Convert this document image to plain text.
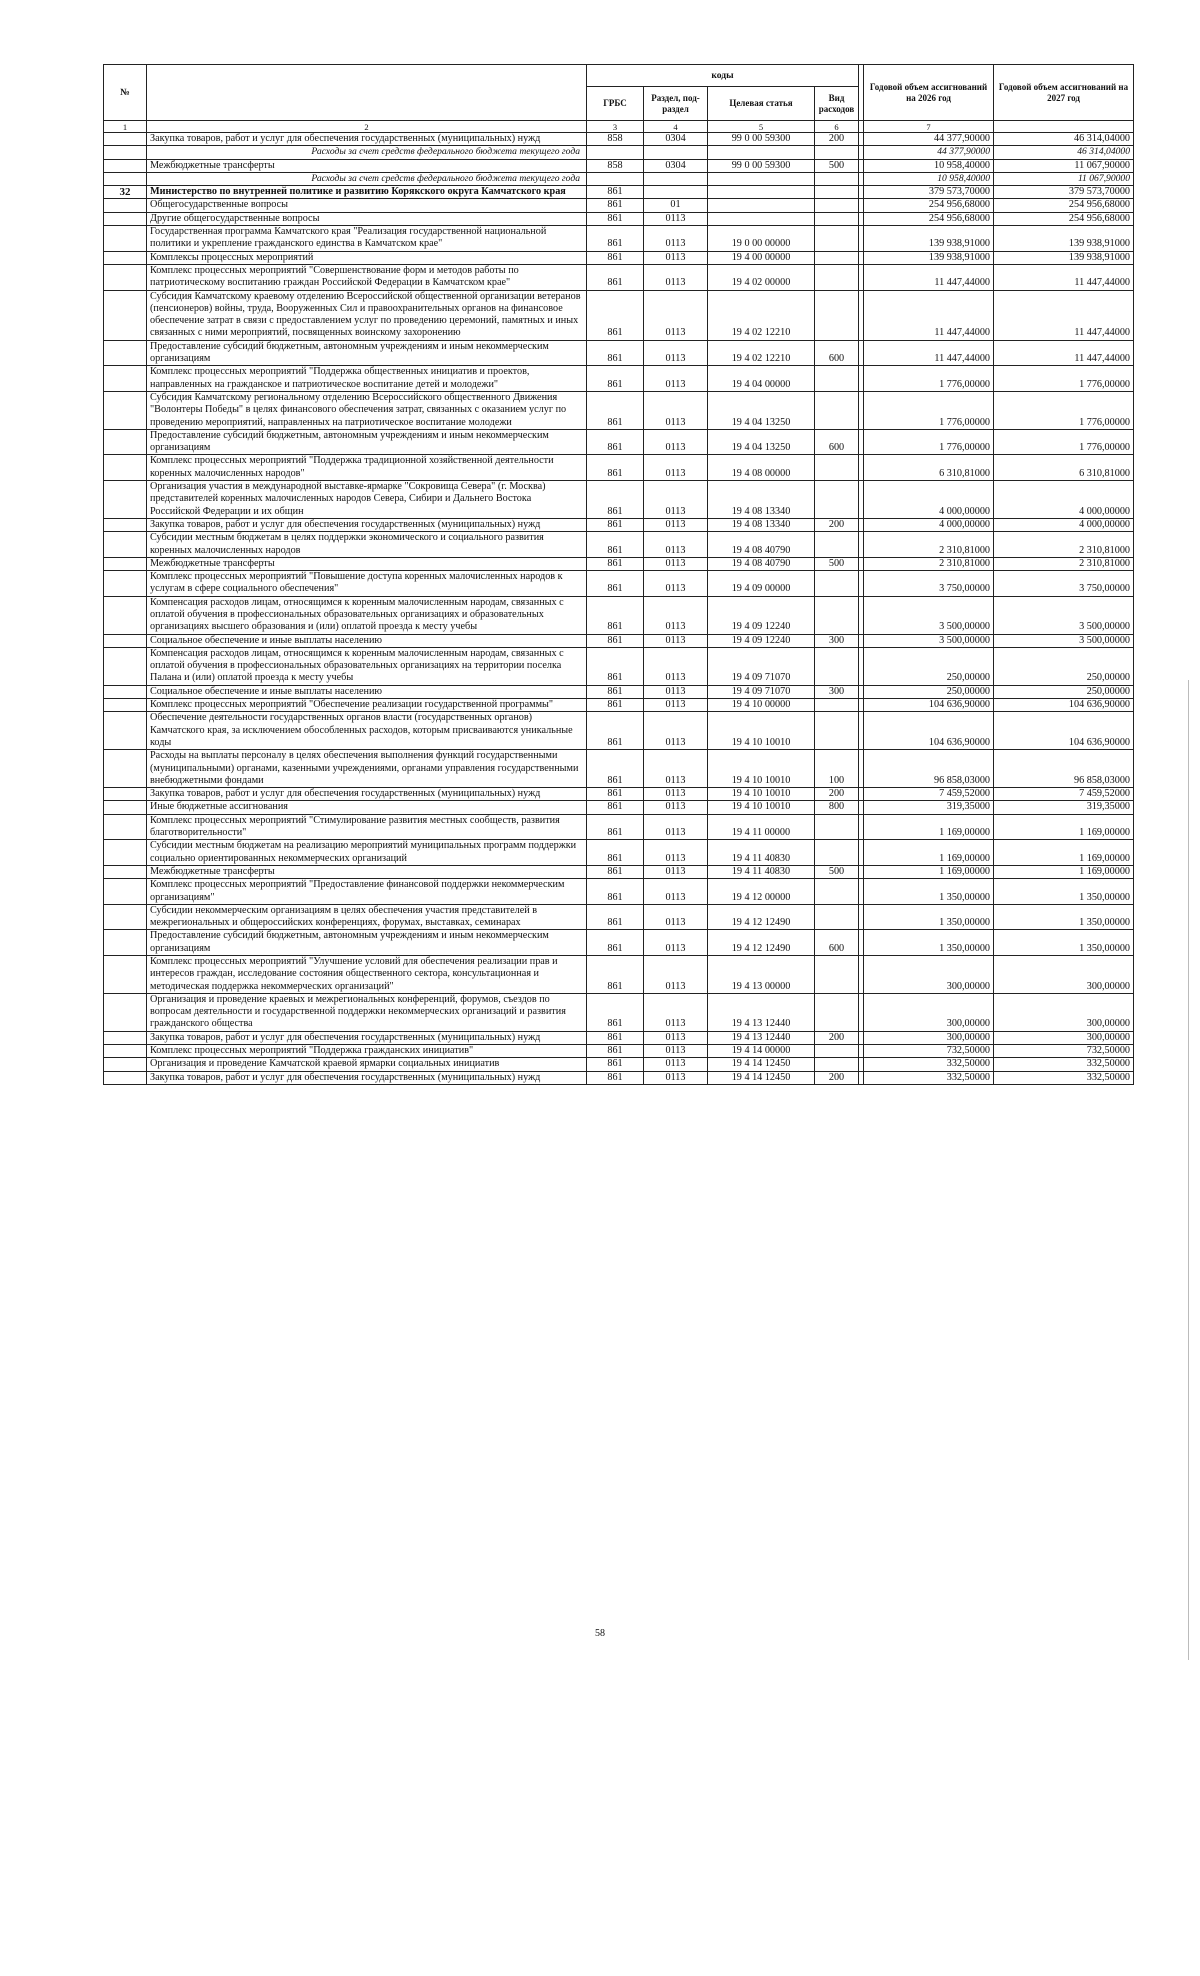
№		коды					Годовой объем ассигнований на 2026 год	Годовой объем ассигнований на 2027 год
		ГРБС	Раздел, под-раздел	Целевая статья	Вид расходов			
1	2	3	4	5	6		7	
	Закупка товаров, работ и услуг для обеспечения государственных (муниципальных) нужд	858	0304	99 0 00 59300	200		44 377,90000	46 314,04000
	Расходы за счет средств федерального бюджета текущего года						44 377,90000	46 314,04000
	Межбюджетные трансферты	858	0304	99 0 00 59300	500		10 958,40000	11 067,90000
	Расходы за счет средств федерального бюджета текущего года						10 958,40000	11 067,90000
32	Министерство по внутренней политике и развитию Корякского округа Камчатского края	861					379 573,70000	379 573,70000
	Общегосударственные вопросы	861	01				254 956,68000	254 956,68000
	Другие общегосударственные вопросы	861	0113				254 956,68000	254 956,68000
	Государственная программа Камчатского края "Реализация государственной национальной политики и укрепление гражданского единства в Камчатском крае"	861	0113	19 0 00 00000			139 938,91000	139 938,91000
	Комплексы процессных мероприятий	861	0113	19 4 00 00000			139 938,91000	139 938,91000
	Комплекс процессных мероприятий "Совершенствование форм и методов работы по патриотическому воспитанию граждан Российской Федерации в Камчатском крае"	861	0113	19 4 02 00000			11 447,44000	11 447,44000
	Субсидия Камчатскому краевому отделению Всероссийской общественной организации ветеранов (пенсионеров) войны, труда, Вооруженных Сил и правоохранительных органов на финансовое обеспечение затрат в связи с предоставлением услуг по проведению церемоний, памятных и иных связанных с ними мероприятий, посвященных воинскому захоронению	861	0113	19 4 02 12210			11 447,44000	11 447,44000
	Предоставление субсидий бюджетным, автономным учреждениям и иным некоммерческим организациям	861	0113	19 4 02 12210	600		11 447,44000	11 447,44000
	Комплекс процессных мероприятий "Поддержка общественных инициатив и проектов, направленных на гражданское и патриотическое воспитание детей и молодежи"	861	0113	19 4 04 00000			1 776,00000	1 776,00000
	Субсидия Камчатскому региональному отделению Всероссийского общественного Движения "Волонтеры Победы" в целях финансового обеспечения затрат, связанных с оказанием услуг по проведению мероприятий, направленных на патриотическое воспитание молодежи	861	0113	19 4 04 13250			1 776,00000	1 776,00000
	Предоставление субсидий бюджетным, автономным учреждениям и иным некоммерческим организациям	861	0113	19 4 04 13250	600		1 776,00000	1 776,00000
	Комплекс процессных мероприятий "Поддержка традиционной хозяйственной деятельности коренных малочисленных народов"	861	0113	19 4 08 00000			6 310,81000	6 310,81000
	Организация участия в международной выставке-ярмарке "Сокровища Севера" (г. Москва) представителей коренных малочисленных народов Севера, Сибири и Дальнего Востока Российской Федерации и их общин	861	0113	19 4 08 13340			4 000,00000	4 000,00000
	Закупка товаров, работ и услуг для обеспечения государственных (муниципальных) нужд	861	0113	19 4 08 13340	200		4 000,00000	4 000,00000
	Субсидии местным бюджетам в целях поддержки экономического и социального развития коренных малочисленных народов	861	0113	19 4 08 40790			2 310,81000	2 310,81000
	Межбюджетные трансферты	861	0113	19 4 08 40790	500		2 310,81000	2 310,81000
	Комплекс процессных мероприятий "Повышение доступа коренных малочисленных народов к услугам в сфере социального обеспечения"	861	0113	19 4 09 00000			3 750,00000	3 750,00000
	Компенсация расходов лицам, относящимся к коренным малочисленным народам, связанных с оплатой обучения в профессиональных образовательных организациях и образовательных организациях высшего образования и (или) оплатой проезда к месту учебы	861	0113	19 4 09 12240			3 500,00000	3 500,00000
	Социальное обеспечение и иные выплаты населению	861	0113	19 4 09 12240	300		3 500,00000	3 500,00000
	Компенсация расходов лицам, относящимся к коренным малочисленным народам, связанных с оплатой обучения в профессиональных образовательных организациях на территории поселка Палана и (или) оплатой проезда к месту учебы	861	0113	19 4 09 71070			250,00000	250,00000
	Социальное обеспечение и иные выплаты населению	861	0113	19 4 09 71070	300		250,00000	250,00000
	Комплекс процессных мероприятий "Обеспечение реализации государственной программы"	861	0113	19 4 10 00000			104 636,90000	104 636,90000
	Обеспечение деятельности государственных органов власти (государственных органов) Камчатского края, за исключением обособленных расходов, которым присваиваются уникальные коды	861	0113	19 4 10 10010			104 636,90000	104 636,90000
	Расходы на выплаты персоналу в целях обеспечения выполнения функций государственными (муниципальными) органами, казенными учреждениями, органами управления государственными внебюджетными фондами	861	0113	19 4 10 10010	100		96 858,03000	96 858,03000
	Закупка товаров, работ и услуг для обеспечения государственных (муниципальных) нужд	861	0113	19 4 10 10010	200		7 459,52000	7 459,52000
	Иные бюджетные ассигнования	861	0113	19 4 10 10010	800		319,35000	319,35000
	Комплекс процессных мероприятий "Стимулирование развития местных сообществ, развития благотворительности"	861	0113	19 4 11 00000			1 169,00000	1 169,00000
	Субсидии местным бюджетам на реализацию мероприятий муниципальных программ поддержки социально ориентированных некоммерческих организаций	861	0113	19 4 11 40830			1 169,00000	1 169,00000
	Межбюджетные трансферты	861	0113	19 4 11 40830	500		1 169,00000	1 169,00000
	Комплекс процессных мероприятий "Предоставление финансовой поддержки некоммерческим организациям"	861	0113	19 4 12 00000			1 350,00000	1 350,00000
	Субсидии некоммерческим организациям в целях обеспечения участия представителей в межрегиональных и общероссийских конференциях, форумах, выставках, семинарах	861	0113	19 4 12 12490			1 350,00000	1 350,00000
	Предоставление субсидий бюджетным, автономным учреждениям и иным некоммерческим организациям	861	0113	19 4 12 12490	600		1 350,00000	1 350,00000
	Комплекс процессных мероприятий "Улучшение условий для обеспечения реализации прав и интересов граждан, исследование состояния общественного сектора, консультационная и методическая поддержка некоммерческих организаций"	861	0113	19 4 13 00000			300,00000	300,00000
	Организация и проведение краевых и межрегиональных конференций, форумов, съездов по вопросам деятельности и государственной поддержки некоммерческих организаций и развития гражданского общества	861	0113	19 4 13 12440			300,00000	300,00000
	Закупка товаров, работ и услуг для обеспечения государственных (муниципальных) нужд	861	0113	19 4 13 12440	200		300,00000	300,00000
	Комплекс процессных мероприятий "Поддержка гражданских инициатив"	861	0113	19 4 14 00000			732,50000	732,50000
	Организация и проведение Камчатской краевой ярмарки социальных инициатив	861	0113	19 4 14 12450			332,50000	332,50000
	Закупка товаров, работ и услуг для обеспечения государственных (муниципальных) нужд	861	0113	19 4 14 12450	200		332,50000	332,50000
58
